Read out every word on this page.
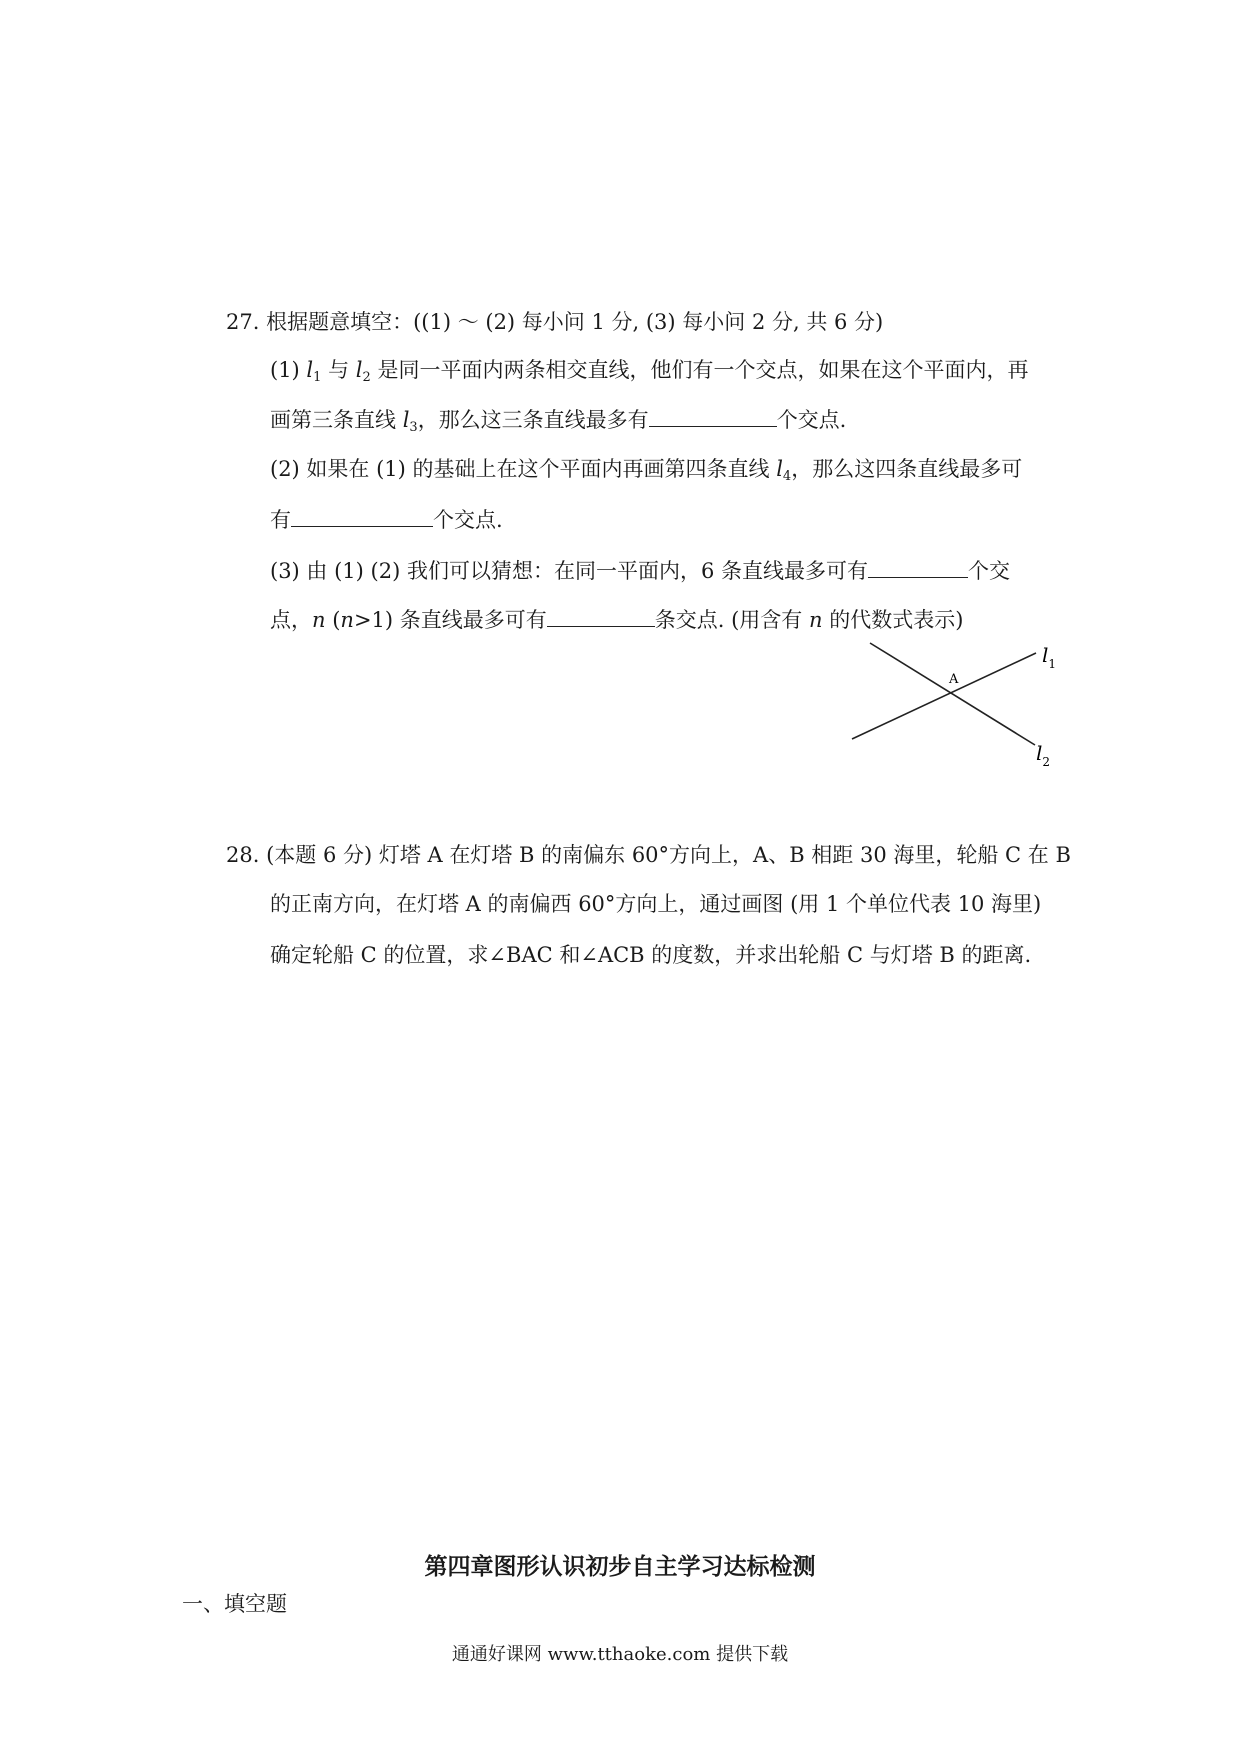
27. 根据题意填空：((1) ～ (2) 每小问 1 分, (3) 每小问 2 分, 共 6 分)
(1) $l_1$ 与 $l_2$ 是同一平面内两条相交直线，他们有一个交点，如果在这个平面内，再
画第三条直线 $l_3$，那么这三条直线最多有	个交点.
(2) 如果在 (1) 的基础上在这个平面内再画第四条直线 $l_4$，那么这四条直线最多可
有	个交点.
(3) 由 (1) (2) 我们可以猜想：在同一平面内，6 条直线最多可有	个交
点，n (n>1) 条直线最多可有	条交点. (用含有 n 的代数式表示)
A
$l_1$
$l_2$
28. (本题 6 分) 灯塔 A 在灯塔 B 的南偏东 60°方向上，A、B 相距 30 海里，轮船 C 在 B
的正南方向，在灯塔 A 的南偏西 60°方向上，通过画图 (用 1 个单位代表 10 海里)
确定轮船 C 的位置，求∠BAC 和∠ACB 的度数，并求出轮船 C 与灯塔 B 的距离.
第四章图形认识初步自主学习达标检测
一、填空题
通通好课网 www.tthaoke.com 提供下载
